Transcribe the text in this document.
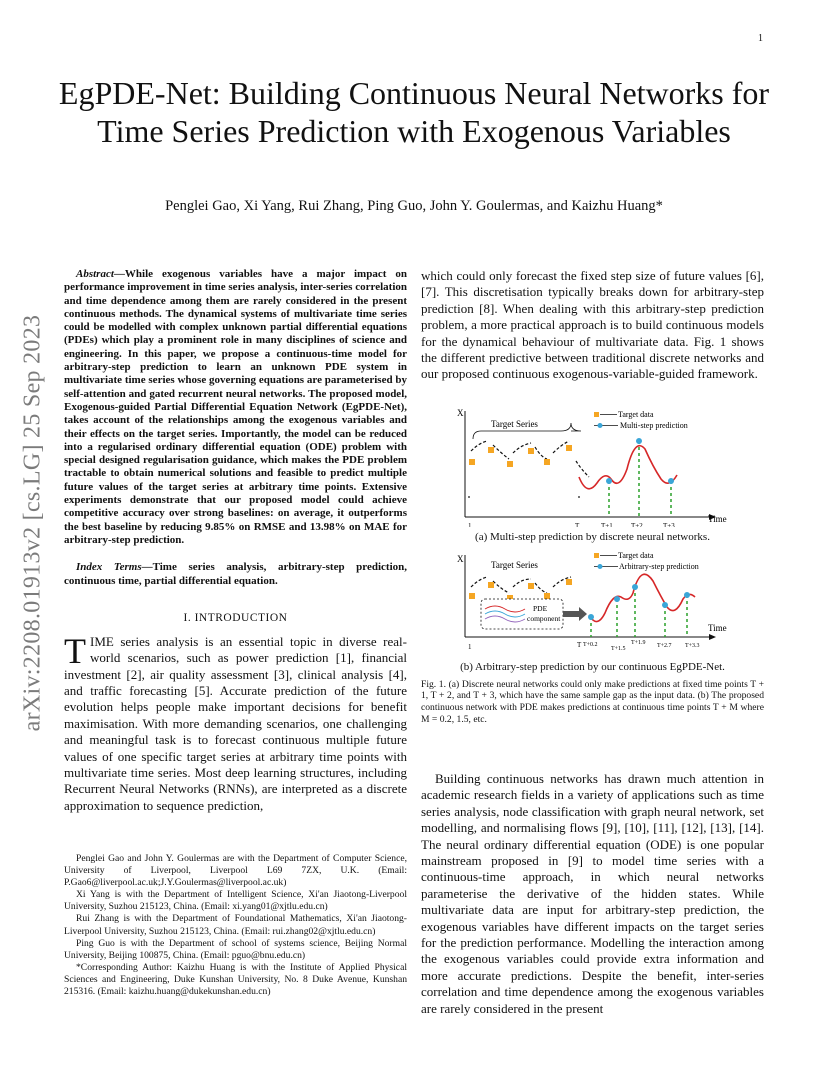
1
arXiv:2208.01913v2 [cs.LG] 25 Sep 2023
EgPDE-Net: Building Continuous Neural Networks for Time Series Prediction with Exogenous Variables
Penglei Gao, Xi Yang, Rui Zhang, Ping Guo, John Y. Goulermas, and Kaizhu Huang*

Abstract—While exogenous variables have a major impact on performance improvement in time series analysis, inter-series correlation and time dependence among them are rarely considered in the present continuous methods. The dynamical systems of multivariate time series could be modelled with complex unknown partial differential equations (PDEs) which play a prominent role in many disciplines of science and engineering. In this paper, we propose a continuous-time model for arbitrary-step prediction to learn an unknown PDE system in multivariate time series whose governing equations are parameterised by self-attention and gated recurrent neural networks. The proposed model, Exogenous-guided Partial Differential Equation Network (EgPDE-Net), takes account of the relationships among the exogenous variables and their effects on the target series. Importantly, the model can be reduced into a regularised ordinary differential equation (ODE) problem with special designed regularisation guidance, which makes the PDE problem tractable to obtain numerical solutions and feasible to predict multiple future values of the target series at arbitrary time points. Extensive experiments demonstrate that our proposed model could achieve competitive accuracy over strong baselines: on average, it outperforms the best baseline by reducing 9.85% on RMSE and 13.98% on MAE for arbitrary-step prediction.

Index Terms—Time series analysis, arbitrary-step prediction, continuous time, partial differential equation.

I. INTRODUCTION

TIME series analysis is an essential topic in diverse real-world scenarios, such as power prediction [1], financial investment [2], air quality assessment [3], clinical analysis [4], and traffic forecasting [5]. Accurate prediction of the future evolution helps people make important decisions for benefit maximisation. With more demanding scenarios, one challenging and meaningful task is to forecast continuous multiple future values of one specific target series at arbitrary time points with multivariate time series. Most deep learning structures, including Recurrent Neural Networks (RNNs), are interpreted as a discrete approximation to sequence prediction,

Penglei Gao and John Y. Goulermas are with the Department of Computer Science, University of Liverpool, Liverpool L69 7ZX, U.K. (Email: P.Gao6@liverpool.ac.uk;J.Y.Goulermas@liverpool.ac.uk)

Xi Yang is with the Department of Intelligent Science, Xi'an Jiaotong-Liverpool University, Suzhou 215123, China. (Email: xi.yang01@xjtlu.edu.cn)

Rui Zhang is with the Department of Foundational Mathematics, Xi'an Jiaotong-Liverpool University, Suzhou 215123, China. (Email: rui.zhang02@xjtlu.edu.cn)

Ping Guo is with the Department of school of systems science, Beijing Normal University, Beijing 100875, China. (Email: pguo@bnu.edu.cn)

*Corresponding Author: Kaizhu Huang is with the Institute of Applied Physical Sciences and Engineering, Duke Kunshan University, No. 8 Duke Avenue, Kunshan 215316. (Email: kaizhu.huang@dukekunshan.edu.cn)

which could only forecast the fixed step size of future values [6], [7]. This discretisation typically breaks down for arbitrary-step prediction [8]. When dealing with this arbitrary-step prediction problem, a more practical approach is to build continuous models for the dynamical behaviour of multivariate data. Fig. 1 shows the different predictive between traditional discrete networks and our proposed continuous exogenous-variable-guided framework.

X
Time
Target data
Multi-step prediction
Target Series
1	T	T+1	T+2	T+3
(a) Multi-step prediction by discrete neural networks.
X
Time
Target data
Arbitrary-step prediction
Target Series
PDE
component
1	T T+0.2
T+1.5
T+1.9 T+2.7 T+3.3
(b) Arbitrary-step prediction by our continuous EgPDE-Net.

Fig. 1. (a) Discrete neural networks could only make predictions at fixed time points T + 1, T + 2, and T + 3, which have the same sample gap as the input data. (b) The proposed continuous network with PDE makes predictions at continuous time points T + M where M = 0.2, 1.5, etc.

Building continuous networks has drawn much attention in academic research fields in a variety of applications such as time series analysis, node classification with graph neural network, set modelling, and normalising flows [9], [10], [11], [12], [13], [14]. The neural ordinary differential equation (ODE) is one popular mainstream proposed in [9] to model time series with a continuous-time approach, in which neural networks parameterise the derivative of the hidden states. While multivariate data are input for arbitrary-step prediction, the exogenous variables have different impacts on the target series for the prediction performance. Modelling the interaction among the exogenous variables could provide extra information and more accurate predictions. Despite the benefit, inter-series correlation and time dependence among the exogenous variables are rarely considered in the present
